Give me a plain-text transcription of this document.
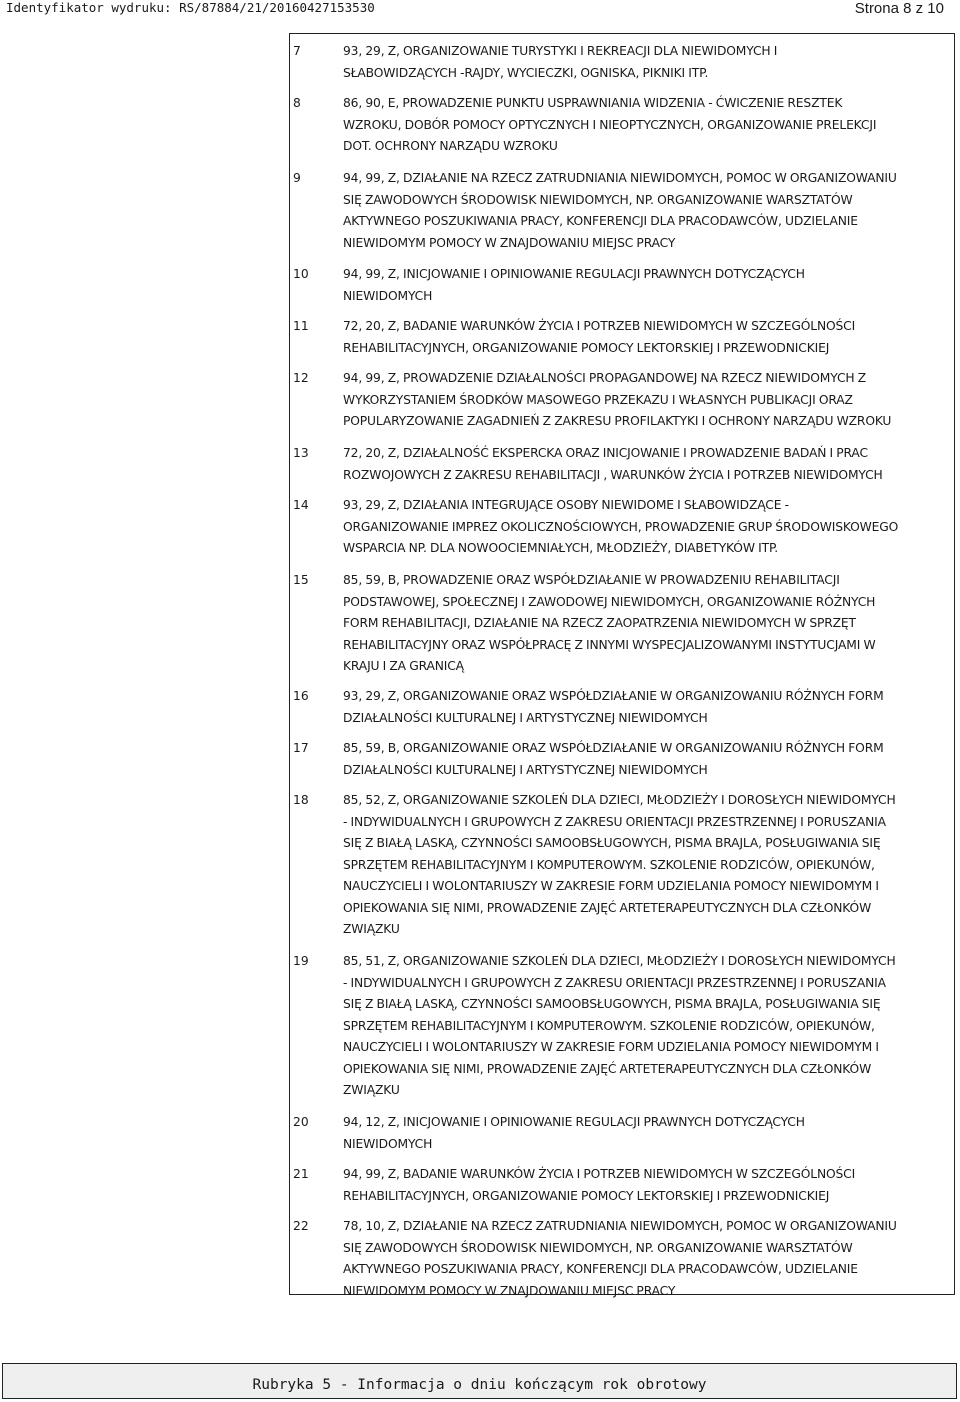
Identyfikator wydruku: RS/87884/21/20160427153530	Strona 8 z 10
7	93, 29, Z, ORGANIZOWANIE TURYSTYKI I REKREACJI DLA NIEWIDOMYCH I
SŁABOWIDZĄCYCH -RAJDY, WYCIECZKI, OGNISKA, PIKNIKI ITP.
8	86, 90, E, PROWADZENIE PUNKTU USPRAWNIANIA WIDZENIA - ĆWICZENIE RESZTEK
WZROKU, DOBÓR POMOCY OPTYCZNYCH I NIEOPTYCZNYCH, ORGANIZOWANIE PRELEKCJI
DOT. OCHRONY NARZĄDU WZROKU
9	94, 99, Z, DZIAŁANIE NA RZECZ ZATRUDNIANIA NIEWIDOMYCH, POMOC W ORGANIZOWANIU
SIĘ ZAWODOWYCH ŚRODOWISK NIEWIDOMYCH, NP. ORGANIZOWANIE WARSZTATÓW
AKTYWNEGO POSZUKIWANIA PRACY, KONFERENCJI DLA PRACODAWCÓW, UDZIELANIE
NIEWIDOMYM POMOCY W ZNAJDOWANIU MIEJSC PRACY
10	94, 99, Z, INICJOWANIE I OPINIOWANIE REGULACJI PRAWNYCH DOTYCZĄCYCH
NIEWIDOMYCH
11	72, 20, Z, BADANIE WARUNKÓW ŻYCIA I POTRZEB NIEWIDOMYCH W SZCZEGÓLNOŚCI
REHABILITACYJNYCH, ORGANIZOWANIE POMOCY LEKTORSKIEJ I PRZEWODNICKIEJ
12	94, 99, Z, PROWADZENIE DZIAŁALNOŚCI PROPAGANDOWEJ NA RZECZ NIEWIDOMYCH Z
WYKORZYSTANIEM ŚRODKÓW MASOWEGO PRZEKAZU I WŁASNYCH PUBLIKACJI ORAZ
POPULARYZOWANIE ZAGADNIEŃ Z ZAKRESU PROFILAKTYKI I OCHRONY NARZĄDU WZROKU
13	72, 20, Z, DZIAŁALNOŚĆ EKSPERCKA ORAZ INICJOWANIE I PROWADZENIE BADAŃ I PRAC
ROZWOJOWYCH Z ZAKRESU REHABILITACJI , WARUNKÓW ŻYCIA I POTRZEB NIEWIDOMYCH
14	93, 29, Z, DZIAŁANIA INTEGRUJĄCE OSOBY NIEWIDOME I SŁABOWIDZĄCE -
ORGANIZOWANIE IMPREZ OKOLICZNOŚCIOWYCH, PROWADZENIE GRUP ŚRODOWISKOWEGO
WSPARCIA NP. DLA NOWOOCIEMNIAŁYCH, MŁODZIEŻY, DIABETYKÓW ITP.
15	85, 59, B, PROWADZENIE ORAZ WSPÓŁDZIAŁANIE W PROWADZENIU REHABILITACJI
PODSTAWOWEJ, SPOŁECZNEJ I ZAWODOWEJ NIEWIDOMYCH, ORGANIZOWANIE RÓŻNYCH
FORM REHABILITACJI, DZIAŁANIE NA RZECZ ZAOPATRZENIA NIEWIDOMYCH W SPRZĘT
REHABILITACYJNY ORAZ WSPÓŁPRACĘ Z INNYMI WYSPECJALIZOWANYMI INSTYTUCJAMI W
KRAJU I ZA GRANICĄ
16	93, 29, Z, ORGANIZOWANIE ORAZ WSPÓŁDZIAŁANIE W ORGANIZOWANIU RÓŻNYCH FORM
DZIAŁALNOŚCI KULTURALNEJ I ARTYSTYCZNEJ NIEWIDOMYCH
17	85, 59, B, ORGANIZOWANIE ORAZ WSPÓŁDZIAŁANIE W ORGANIZOWANIU RÓŻNYCH FORM
DZIAŁALNOŚCI KULTURALNEJ I ARTYSTYCZNEJ NIEWIDOMYCH
18	85, 52, Z, ORGANIZOWANIE SZKOLEŃ DLA DZIECI, MŁODZIEŻY I DOROSŁYCH NIEWIDOMYCH
- INDYWIDUALNYCH I GRUPOWYCH Z ZAKRESU ORIENTACJI PRZESTRZENNEJ I PORUSZANIA
SIĘ Z BIAŁĄ LASKĄ, CZYNNOŚCI SAMOOBSŁUGOWYCH, PISMA BRAJLA, POSŁUGIWANIA SIĘ
SPRZĘTEM REHABILITACYJNYM I KOMPUTEROWYM. SZKOLENIE RODZICÓW, OPIEKUNÓW,
NAUCZYCIELI I WOLONTARIUSZY W ZAKRESIE FORM UDZIELANIA POMOCY NIEWIDOMYM I
OPIEKOWANIA SIĘ NIMI, PROWADZENIE ZAJĘĆ ARTETERAPEUTYCZNYCH DLA CZŁONKÓW
ZWIĄZKU
19	85, 51, Z, ORGANIZOWANIE SZKOLEŃ DLA DZIECI, MŁODZIEŻY I DOROSŁYCH NIEWIDOMYCH
- INDYWIDUALNYCH I GRUPOWYCH Z ZAKRESU ORIENTACJI PRZESTRZENNEJ I PORUSZANIA
SIĘ Z BIAŁĄ LASKĄ, CZYNNOŚCI SAMOOBSŁUGOWYCH, PISMA BRAJLA, POSŁUGIWANIA SIĘ
SPRZĘTEM REHABILITACYJNYM I KOMPUTEROWYM. SZKOLENIE RODZICÓW, OPIEKUNÓW,
NAUCZYCIELI I WOLONTARIUSZY W ZAKRESIE FORM UDZIELANIA POMOCY NIEWIDOMYM I
OPIEKOWANIA SIĘ NIMI, PROWADZENIE ZAJĘĆ ARTETERAPEUTYCZNYCH DLA CZŁONKÓW
ZWIĄZKU
20	94, 12, Z, INICJOWANIE I OPINIOWANIE REGULACJI PRAWNYCH DOTYCZĄCYCH
NIEWIDOMYCH
21	94, 99, Z, BADANIE WARUNKÓW ŻYCIA I POTRZEB NIEWIDOMYCH W SZCZEGÓLNOŚCI
REHABILITACYJNYCH, ORGANIZOWANIE POMOCY LEKTORSKIEJ I PRZEWODNICKIEJ
22	78, 10, Z, DZIAŁANIE NA RZECZ ZATRUDNIANIA NIEWIDOMYCH, POMOC W ORGANIZOWANIU
SIĘ ZAWODOWYCH ŚRODOWISK NIEWIDOMYCH, NP. ORGANIZOWANIE WARSZTATÓW
AKTYWNEGO POSZUKIWANIA PRACY, KONFERENCJI DLA PRACODAWCÓW, UDZIELANIE
NIEWIDOMYM POMOCY W ZNAJDOWANIU MIEJSC PRACY
Rubryka 5 - Informacja o dniu kończącym rok obrotowy
